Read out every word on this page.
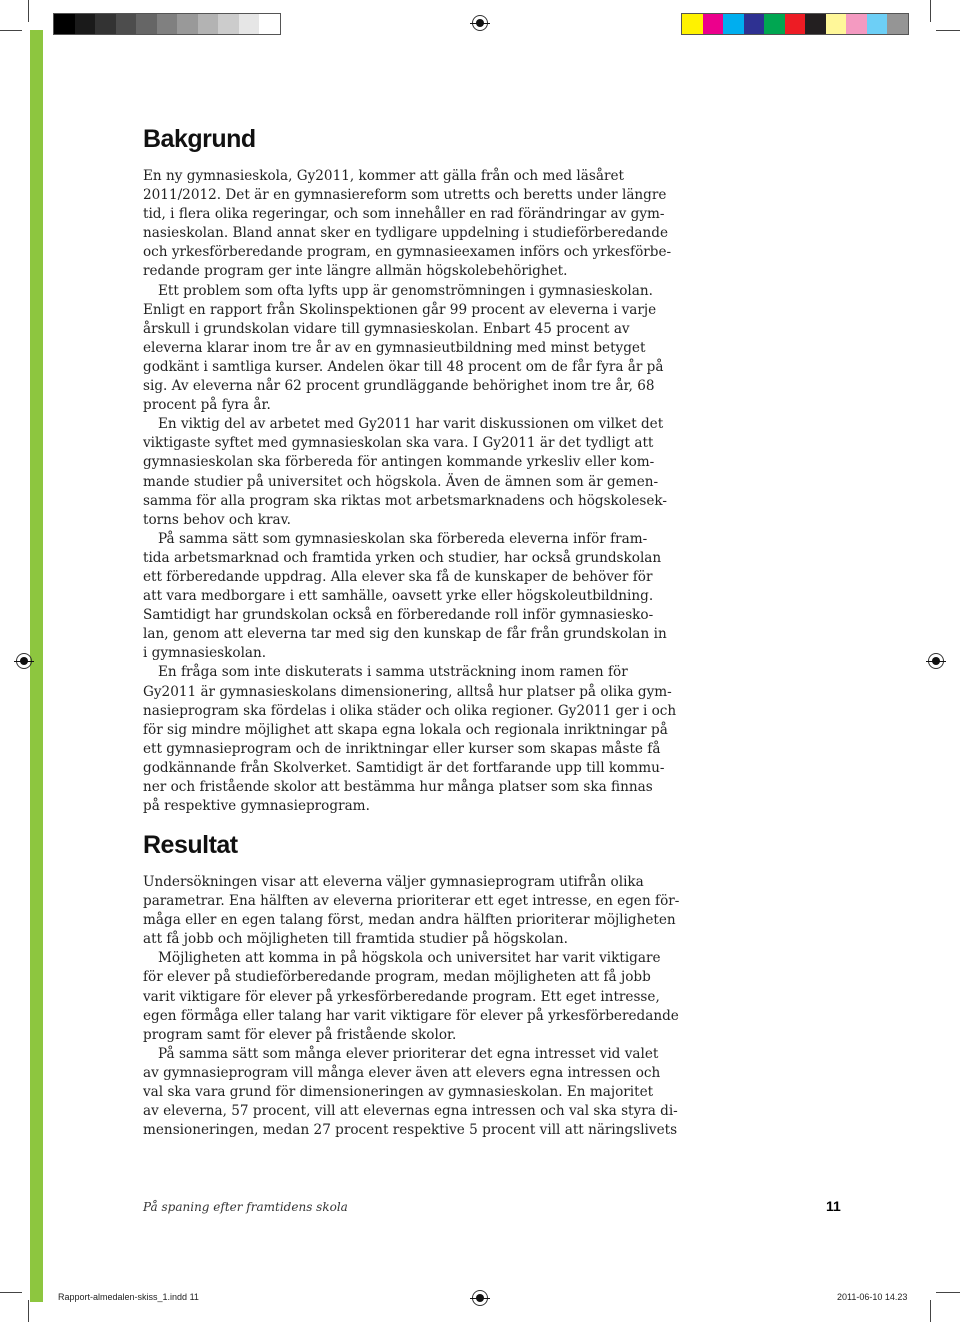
Bakgrund
En ny gymnasieskola, Gy2011, kommer att gälla från och med läsåret
2011/2012. Det är en gymnasiereform som utretts och beretts under längre
tid, i flera olika regeringar, och som innehåller en rad förändringar av gym-
nasieskolan. Bland annat sker en tydligare uppdelning i studieförberedande
och yrkesförberedande program, en gymnasieexamen införs och yrkesförbe-
redande program ger inte längre allmän högskolebehörighet.
Ett problem som ofta lyfts upp är genomströmningen i gymnasieskolan.
Enligt en rapport från Skolinspektionen går 99 procent av eleverna i varje
årskull i grundskolan vidare till gymnasieskolan. Enbart 45 procent av
eleverna klarar inom tre år av en gymnasieutbildning med minst betyget
godkänt i samtliga kurser. Andelen ökar till 48 procent om de får fyra år på
sig. Av eleverna når 62 procent grundläggande behörighet inom tre år, 68
procent på fyra år.
En viktig del av arbetet med Gy2011 har varit diskussionen om vilket det
viktigaste syftet med gymnasieskolan ska vara. I Gy2011 är det tydligt att
gymnasieskolan ska förbereda för antingen kommande yrkesliv eller kom-
mande studier på universitet och högskola. Även de ämnen som är gemen-
samma för alla program ska riktas mot arbetsmarknadens och högskolesek-
torns behov och krav.
På samma sätt som gymnasieskolan ska förbereda eleverna inför fram-
tida arbetsmarknad och framtida yrken och studier, har också grundskolan
ett förberedande uppdrag. Alla elever ska få de kunskaper de behöver för
att vara medborgare i ett samhälle, oavsett yrke eller högskoleutbildning.
Samtidigt har grundskolan också en förberedande roll inför gymnasiesko-
lan, genom att eleverna tar med sig den kunskap de får från grundskolan in
i gymnasieskolan.
En fråga som inte diskuterats i samma utsträckning inom ramen för
Gy2011 är gymnasieskolans dimensionering, alltså hur platser på olika gym-
nasieprogram ska fördelas i olika städer och olika regioner. Gy2011 ger i och
för sig mindre möjlighet att skapa egna lokala och regionala inriktningar på
ett gymnasieprogram och de inriktningar eller kurser som skapas måste få
godkännande från Skolverket. Samtidigt är det fortfarande upp till kommu-
ner och fristående skolor att bestämma hur många platser som ska finnas
på respektive gymnasieprogram.
Resultat
Undersökningen visar att eleverna väljer gymnasieprogram utifrån olika
parametrar. Ena hälften av eleverna prioriterar ett eget intresse, en egen för-
måga eller en egen talang först, medan andra hälften prioriterar möjligheten
att få jobb och möjligheten till framtida studier på högskolan.
Möjligheten att komma in på högskola och universitet har varit viktigare
för elever på studieförberedande program, medan möjligheten att få jobb
varit viktigare för elever på yrkesförberedande program. Ett eget intresse,
egen förmåga eller talang har varit viktigare för elever på yrkesförberedande
program samt för elever på fristående skolor.
På samma sätt som många elever prioriterar det egna intresset vid valet
av gymnasieprogram vill många elever även att elevers egna intressen och
val ska vara grund för dimensioneringen av gymnasieskolan. En majoritet
av eleverna, 57 procent, vill att elevernas egna intressen och val ska styra di-
mensioneringen, medan 27 procent respektive 5 procent vill att näringslivets
På spaning efter framtidens skola	11
Rapport-almedalen-skiss_1.indd 11	2011-06-10 14.23
